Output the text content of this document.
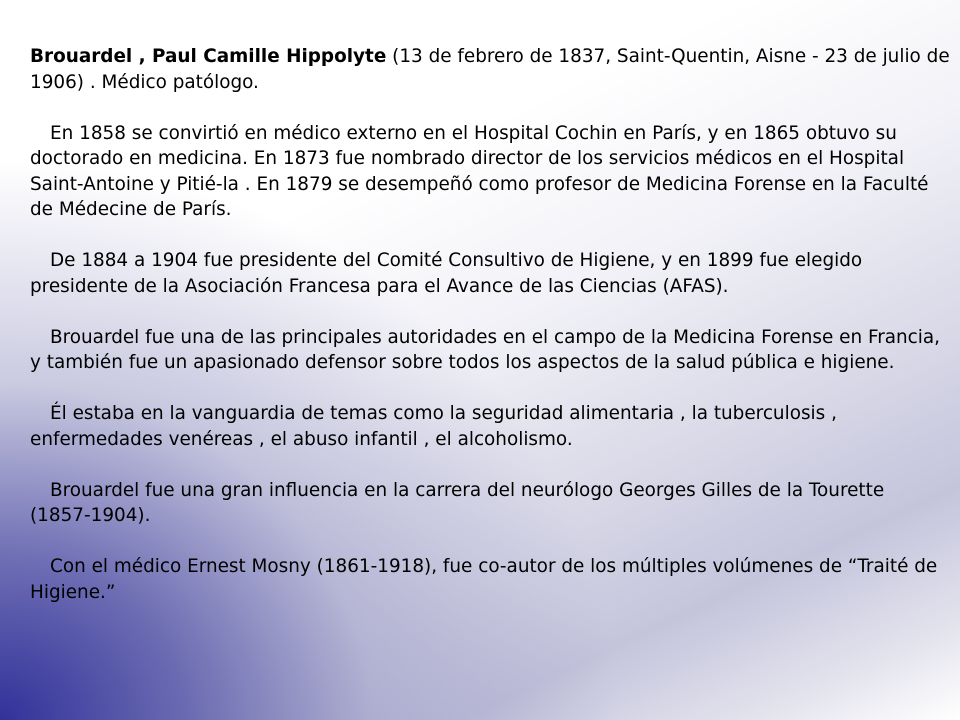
Brouardel , Paul Camille Hippolyte (13 de febrero de 1837, Saint-Quentin, Aisne - 23 de julio de 1906) . Médico patólogo.

En 1858 se convirtió en médico externo en el Hospital Cochin en París, y en 1865 obtuvo su doctorado en medicina. En 1873 fue nombrado director de los servicios médicos en el Hospital Saint-Antoine y Pitié-la . En 1879 se desempeñó como profesor de Medicina Forense en la Faculté de Médecine de París.

De 1884 a 1904 fue presidente del Comité Consultivo de Higiene, y en 1899 fue elegido presidente de la Asociación Francesa para el Avance de las Ciencias (AFAS).

Brouardel fue una de las principales autoridades en el campo de la Medicina Forense en Francia, y también fue un apasionado defensor sobre todos los aspectos de la salud pública e higiene.

Él estaba en la vanguardia de temas como la seguridad alimentaria , la tuberculosis , enfermedades venéreas , el abuso infantil , el alcoholismo.

Brouardel fue una gran influencia en la carrera del neurólogo Georges Gilles de la Tourette (1857-1904).

Con el médico Ernest Mosny (1861-1918), fue co-autor de los múltiples volúmenes de “Traité de Higiene.”
